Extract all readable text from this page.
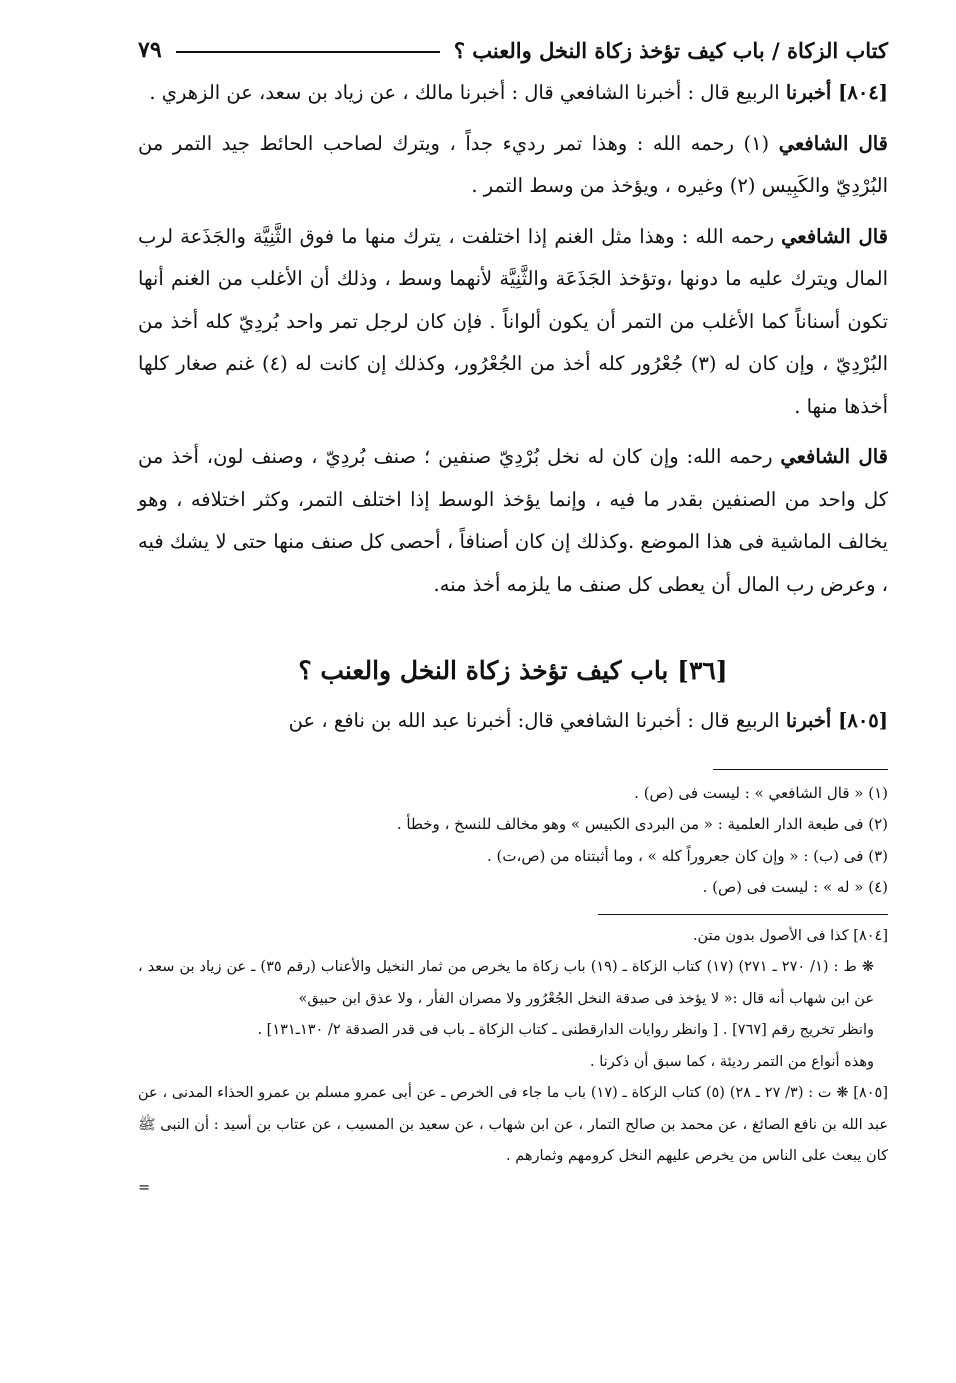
كتاب الزكاة / باب كيف تؤخذ زكاة النخل والعنب ؟
٧٩

[٨٠٤] أخبرنا الربيع قال : أخبرنا الشافعي قال : أخبرنا مالك ، عن زياد بن سعد، عن الزهري .

قال الشافعي (١) رحمه الله : وهذا تمر رديء جداً ، ويترك لصاحب الحائط جيد التمر من البُرْدِيّ والكَبِيس (٢) وغيره ، ويؤخذ من وسط التمر .

قال الشافعي رحمه الله : وهذا مثل الغنم إذا اختلفت ، يترك منها ما فوق الثَّنِيَّة والجَذَعة لرب المال ويترك عليه ما دونها ،وتؤخذ الجَذَعَة والثَّنِيَّة لأنهما وسط ، وذلك أن الأغلب من الغنم أنها تكون أسناناً كما الأغلب من التمر أن يكون ألواناً . فإن كان لرجل تمر واحد بُردِيّ كله أخذ من البُرْدِيّ ، وإن كان له (٣) جُعْرُور كله أخذ من الجُعْرُور، وكذلك إن كانت له (٤) غنم صغار كلها أخذها منها .

قال الشافعي رحمه الله: وإن كان له نخل بُرْدِيّ صنفين ؛ صنف بُردِيّ ، وصنف لون، أخذ من كل واحد من الصنفين بقدر ما فيه ، وإنما يؤخذ الوسط إذا اختلف التمر، وكثر اختلافه ، وهو يخالف الماشية فى هذا الموضع .وكذلك إن كان أصنافاً ، أحصى كل صنف منها حتى لا يشك فيه ، وعرض رب المال أن يعطى كل صنف ما يلزمه أخذ منه.

[٣٦] باب كيف تؤخذ زكاة النخل والعنب ؟

[٨٠٥] أخبرنا الربيع قال : أخبرنا الشافعي قال: أخبرنا عبد الله بن نافع ، عن

(١) « قال الشافعي » : ليست فى (ص) .
(٢) فى طبعة الدار العلمية : « من البردى الكبيس » وهو مخالف للنسخ ، وخطأ .
(٣) فى (ب) : « وإن كان جعروراً كله » ، وما أثبتناه من (ص،ت) .
(٤) « له » : ليست فى (ص) .
[٨٠٤] كذا فى الأصول بدون متن.
❋ ط : (١/ ٢٧٠ ـ ٢٧١) (١٧) كتاب الزكاة ـ (١٩) باب زكاة ما يخرص من ثمار النخيل والأعناب (رقم ٣٥) ـ عن زياد بن سعد ، عن ابن شهاب أنه قال :« لا يؤخذ فى صدقة النخل الجُعْرُور ولا مصران الفأر ، ولا عذق ابن حبيق»
وانظر تخريج رقم [٧٦٧] . [ وانظر روايات الدارقطنى ـ كتاب الزكاة ـ باب فى قدر الصدقة ٢/ ١٣٠ـ١٣١] .
وهذه أنواع من التمر رديئة ، كما سبق أن ذكرنا .
[٨٠٥] ❋ ت : (٣/ ٢٧ ـ ٢٨) (٥) كتاب الزكاة ـ (١٧) باب ما جاء فى الخرص ـ عن أبى عمرو مسلم بن عمرو الحذاء المدنى ، عن عبد الله بن نافع الصائغ ، عن محمد بن صالح التمار ، عن ابن شهاب ، عن سعيد بن المسيب ، عن عتاب بن أسيد : أن النبى ﷺ كان يبعث على الناس من يخرص عليهم النخل كرومهم وثمارهم .
=
